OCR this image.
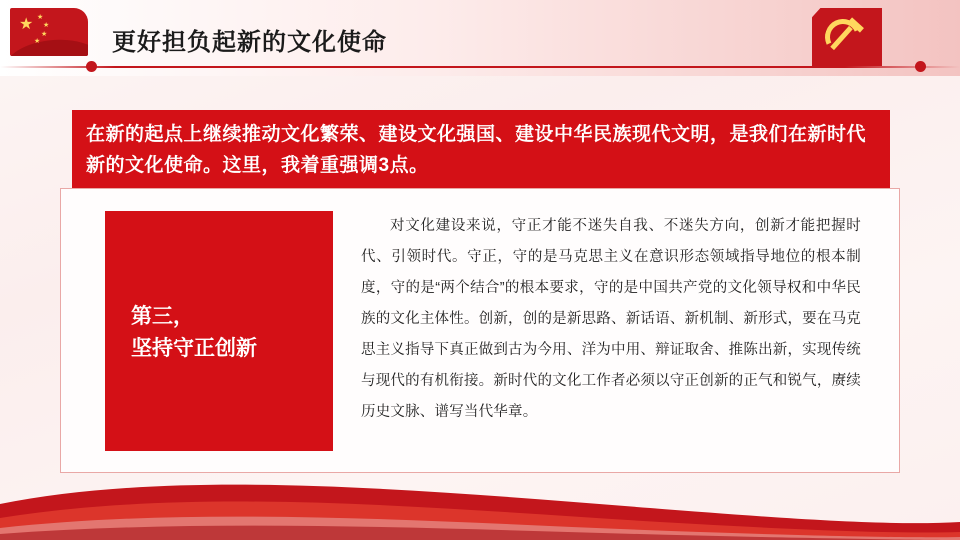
★ ★
★
★
★	更好担负起新的文化使命
在新的起点上继续推动文化繁荣、建设文化强国、建设中华民族现代文明，是我们在新时代新的文化使命。这里，我着重强调3点。
第三，
坚持守正创新
对文化建设来说，守正才能不迷失自我、不迷失方向，创新才能把握时代、引领时代。守正，守的是马克思主义在意识形态领域指导地位的根本制度，守的是“两个结合”的根本要求，守的是中国共产党的文化领导权和中华民族的文化主体性。创新，创的是新思路、新话语、新机制、新形式，要在马克思主义指导下真正做到古为今用、洋为中用、辩证取舍、推陈出新，实现传统与现代的有机衔接。新时代的文化工作者必须以守正创新的正气和锐气，赓续历史文脉、谱写当代华章。
